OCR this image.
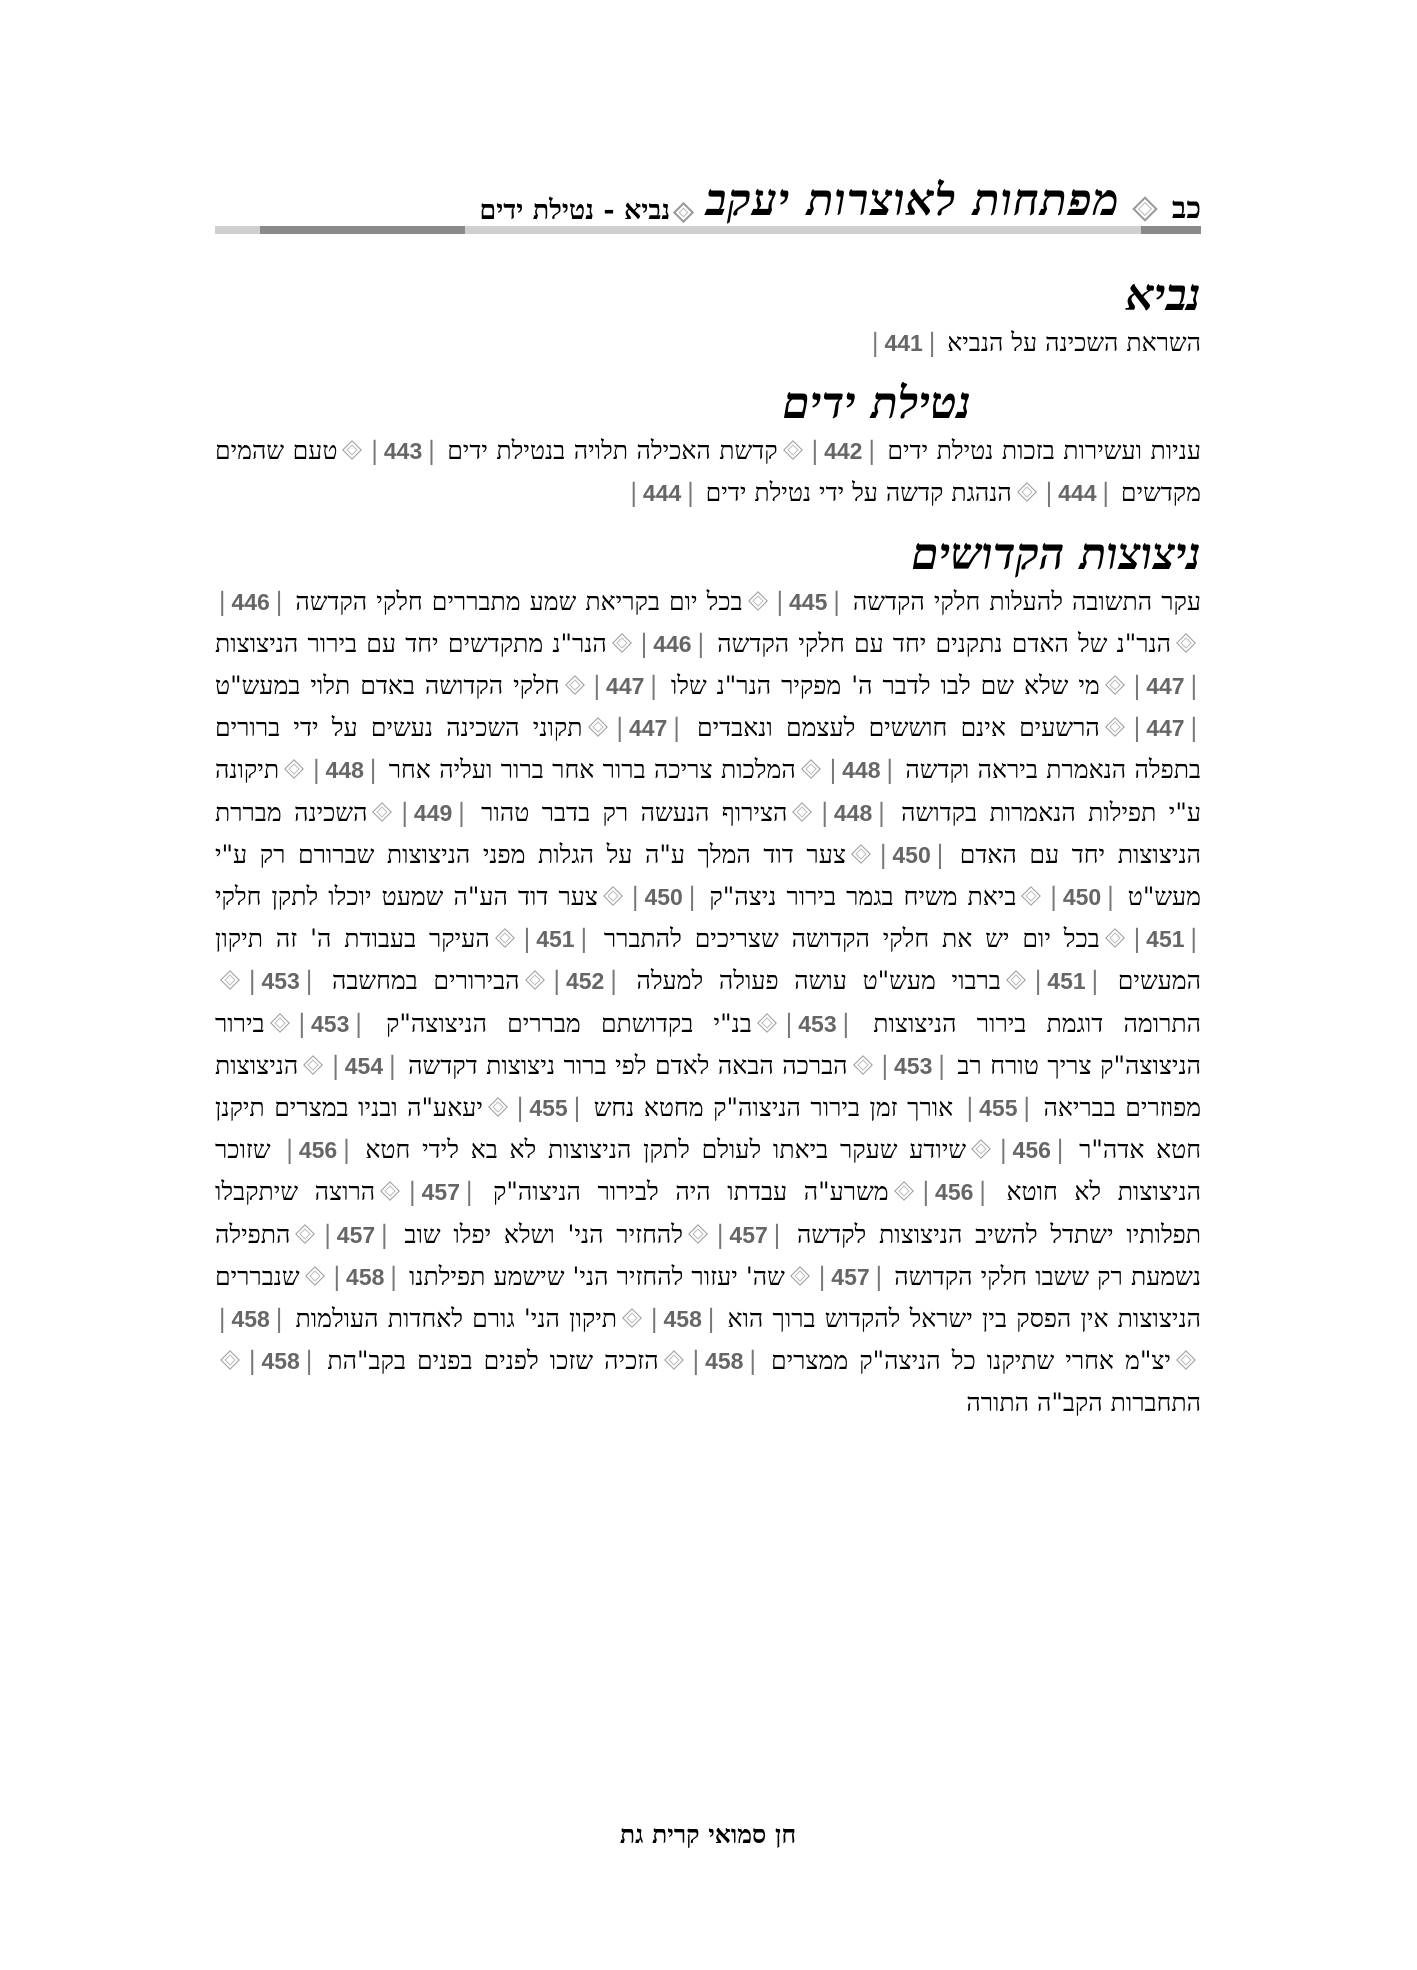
כב
מפתחות לאוצרות יעקב
נביא - נטילת ידים
נביא
השראת השכינה על הנביא |441|
נטילת ידים
עניות ועשירות בזכות נטילת ידים |442|קדשת האכילה תלויה בנטילת ידים |443|טעם שהמים מקדשים |444|הנהגת קדשה על ידי נטילת ידים |444|
ניצוצות הקדושים
עקר התשובה להעלות חלקי הקדשה |445|בכל יום בקריאת שמע מתבררים חלקי הקדשה |446|הנר"נ של האדם נתקנים יחד עם חלקי הקדשה |446|הנר"נ מתקדשים יחד עם בירור הניצוצות |447|מי שלא שם לבו לדבר ה' מפקיר הנר"נ שלו |447|חלקי הקדושה באדם תלוי במעש"ט |447|הרשעים אינם חוששים לעצמם ונאבדים |447|תקוני השכינה נעשים על ידי ברורים בתפלה הנאמרת ביראה וקדשה |448|המלכות צריכה ברור אחר ברור ועליה אחר |448|תיקונה ע"י תפילות הנאמרות בקדושה |448|הצירוף הנעשה רק בדבר טהור |449|השכינה מבררת הניצוצות יחד עם האדם |450|צער דוד המלך ע"ה על הגלות מפני הניצוצות שברורם רק ע"י מעש"ט |450|ביאת משיח בגמר בירור ניצה"ק |450|צער דוד הע"ה שמעט יוכלו לתקן חלקי |451|בכל יום יש את חלקי הקדושה שצריכים להתברר |451|העיקר בעבודת ה' זה תיקון המעשים |451|ברבוי מעש"ט עושה פעולה למעלה |452|הבירורים במחשבה |453|התרומה דוגמת בירור הניצוצות |453|בנ"י בקדושתם מבררים הניצוצה"ק |453|בירור הניצוצה"ק צריך טורח רב |453|הברכה הבאה לאדם לפי ברור ניצוצות דקדשה |454|הניצוצות מפוזרים בבריאה |455| אורך זמן בירור הניצוה"ק מחטא נחש |455|יעאע"ה ובניו במצרים תיקנן חטא אדה"ר |456|שיודע שעקר ביאתו לעולם לתקן הניצוצות לא בא לידי חטא |456| שזוכר הניצוצות לא חוטא |456|משרע"ה עבדתו היה לבירור הניצוה"ק |457|הרוצה שיתקבלו תפלותיו ישתדל להשיב הניצוצות לקדשה |457|להחזיר הני' ושלא יפלו שוב |457|התפילה נשמעת רק ששבו חלקי הקדושה |457|שה' יעזור להחזיר הני' שישמע תפילתנו |458|שנבררים הניצוצות אין הפסק בין ישראל להקדוש ברוך הוא |458|תיקון הני' גורם לאחדות העולמות |458|יצ"מ אחרי שתיקנו כל הניצה"ק ממצרים |458|הזכיה שזכו לפנים בפנים בקב"הת |458|התחברות הקב"ה התורה
חן סמואי קרית גת
